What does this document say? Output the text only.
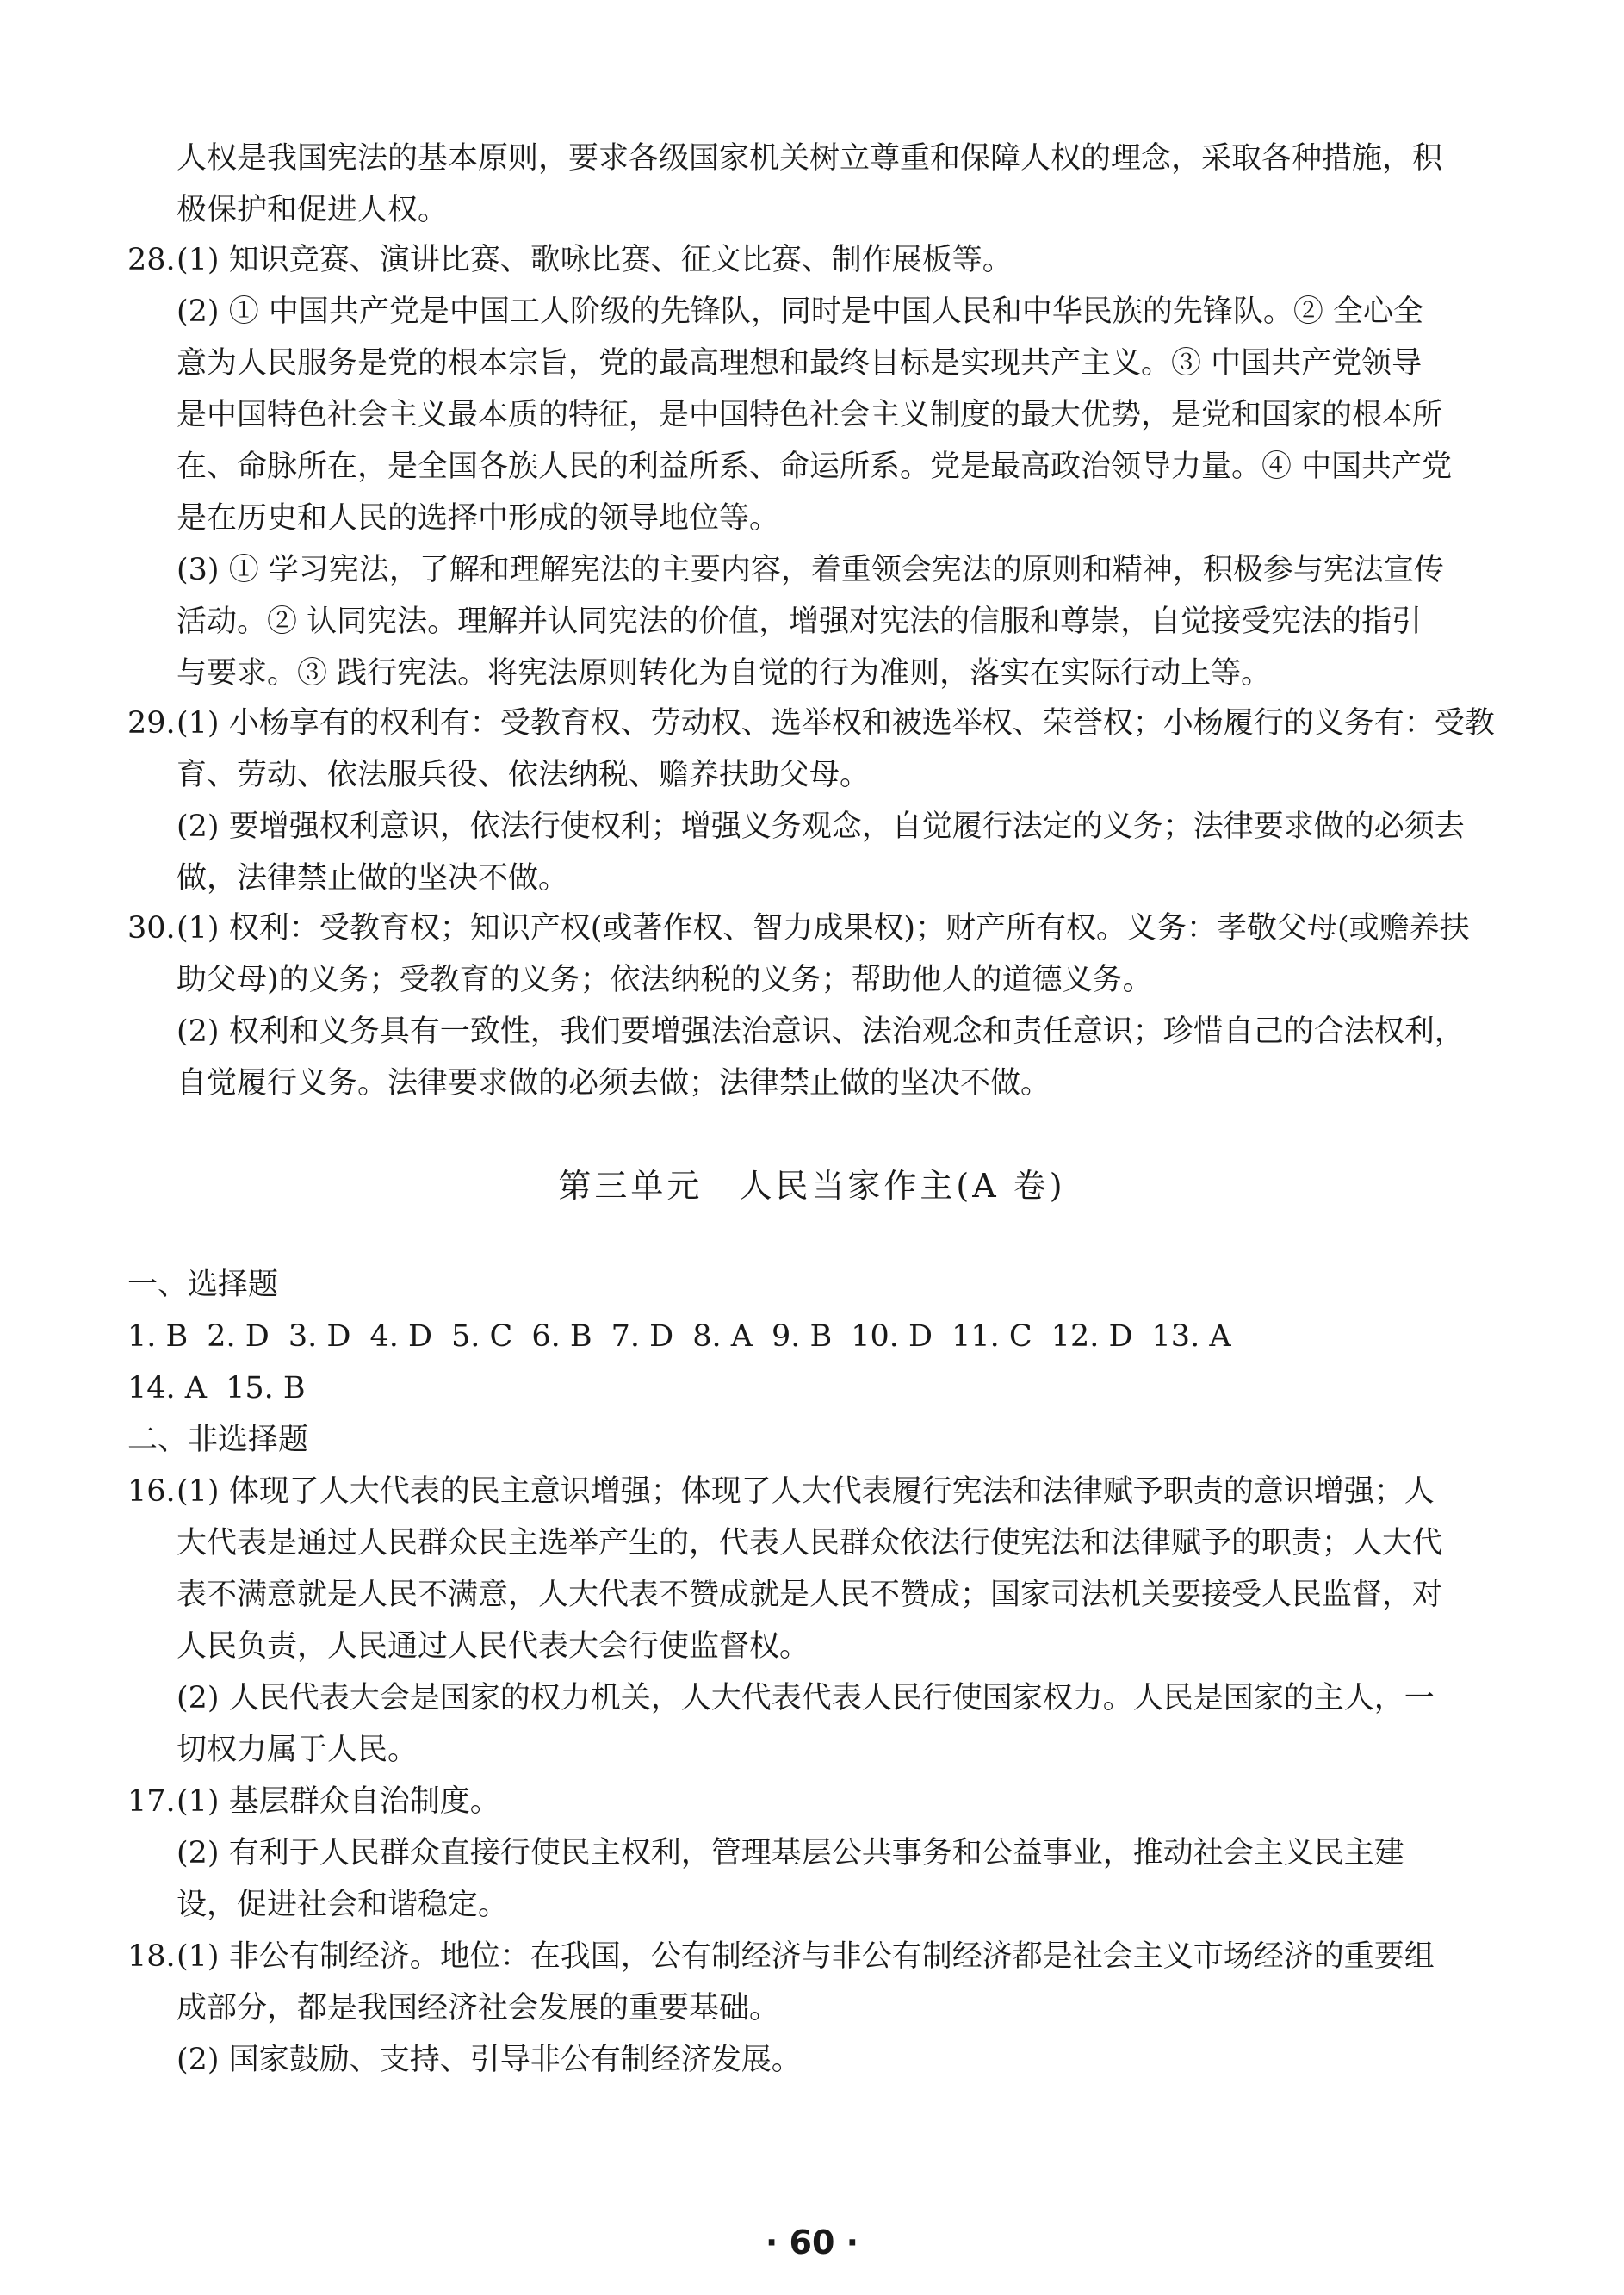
人权是我国宪法的基本原则，要求各级国家机关树立尊重和保障人权的理念，采取各种措施，积
极保护和促进人权。
28.(1) 知识竞赛、演讲比赛、歌咏比赛、征文比赛、制作展板等。
(2) ① 中国共产党是中国工人阶级的先锋队，同时是中国人民和中华民族的先锋队。② 全心全
意为人民服务是党的根本宗旨，党的最高理想和最终目标是实现共产主义。③ 中国共产党领导
是中国特色社会主义最本质的特征，是中国特色社会主义制度的最大优势，是党和国家的根本所
在、命脉所在，是全国各族人民的利益所系、命运所系。党是最高政治领导力量。④ 中国共产党
是在历史和人民的选择中形成的领导地位等。
(3) ① 学习宪法，了解和理解宪法的主要内容，着重领会宪法的原则和精神，积极参与宪法宣传
活动。② 认同宪法。理解并认同宪法的价值，增强对宪法的信服和尊崇，自觉接受宪法的指引
与要求。③ 践行宪法。将宪法原则转化为自觉的行为准则，落实在实际行动上等。
29.(1) 小杨享有的权利有：受教育权、劳动权、选举权和被选举权、荣誉权；小杨履行的义务有：受教
育、劳动、依法服兵役、依法纳税、赡养扶助父母。
(2) 要增强权利意识，依法行使权利；增强义务观念，自觉履行法定的义务；法律要求做的必须去
做，法律禁止做的坚决不做。
30.(1) 权利：受教育权；知识产权(或著作权、智力成果权)；财产所有权。义务：孝敬父母(或赡养扶
助父母)的义务；受教育的义务；依法纳税的义务；帮助他人的道德义务。
(2) 权利和义务具有一致性，我们要增强法治意识、法治观念和责任意识；珍惜自己的合法权利，
自觉履行义务。法律要求做的必须去做；法律禁止做的坚决不做。
第三单元　人民当家作主(A 卷)
一、选择题
1. B 2. D 3. D 4. D 5. C 6. B 7. D 8. A 9. B 10. D 11. C 12. D 13. A
14. A 15. B
二、非选择题
16.(1) 体现了人大代表的民主意识增强；体现了人大代表履行宪法和法律赋予职责的意识增强；人
大代表是通过人民群众民主选举产生的，代表人民群众依法行使宪法和法律赋予的职责；人大代
表不满意就是人民不满意，人大代表不赞成就是人民不赞成；国家司法机关要接受人民监督，对
人民负责，人民通过人民代表大会行使监督权。
(2) 人民代表大会是国家的权力机关，人大代表代表人民行使国家权力。人民是国家的主人，一
切权力属于人民。
17.(1) 基层群众自治制度。
(2) 有利于人民群众直接行使民主权利，管理基层公共事务和公益事业，推动社会主义民主建
设，促进社会和谐稳定。
18.(1) 非公有制经济。地位：在我国，公有制经济与非公有制经济都是社会主义市场经济的重要组
成部分，都是我国经济社会发展的重要基础。
(2) 国家鼓励、支持、引导非公有制经济发展。
· 60 ·
